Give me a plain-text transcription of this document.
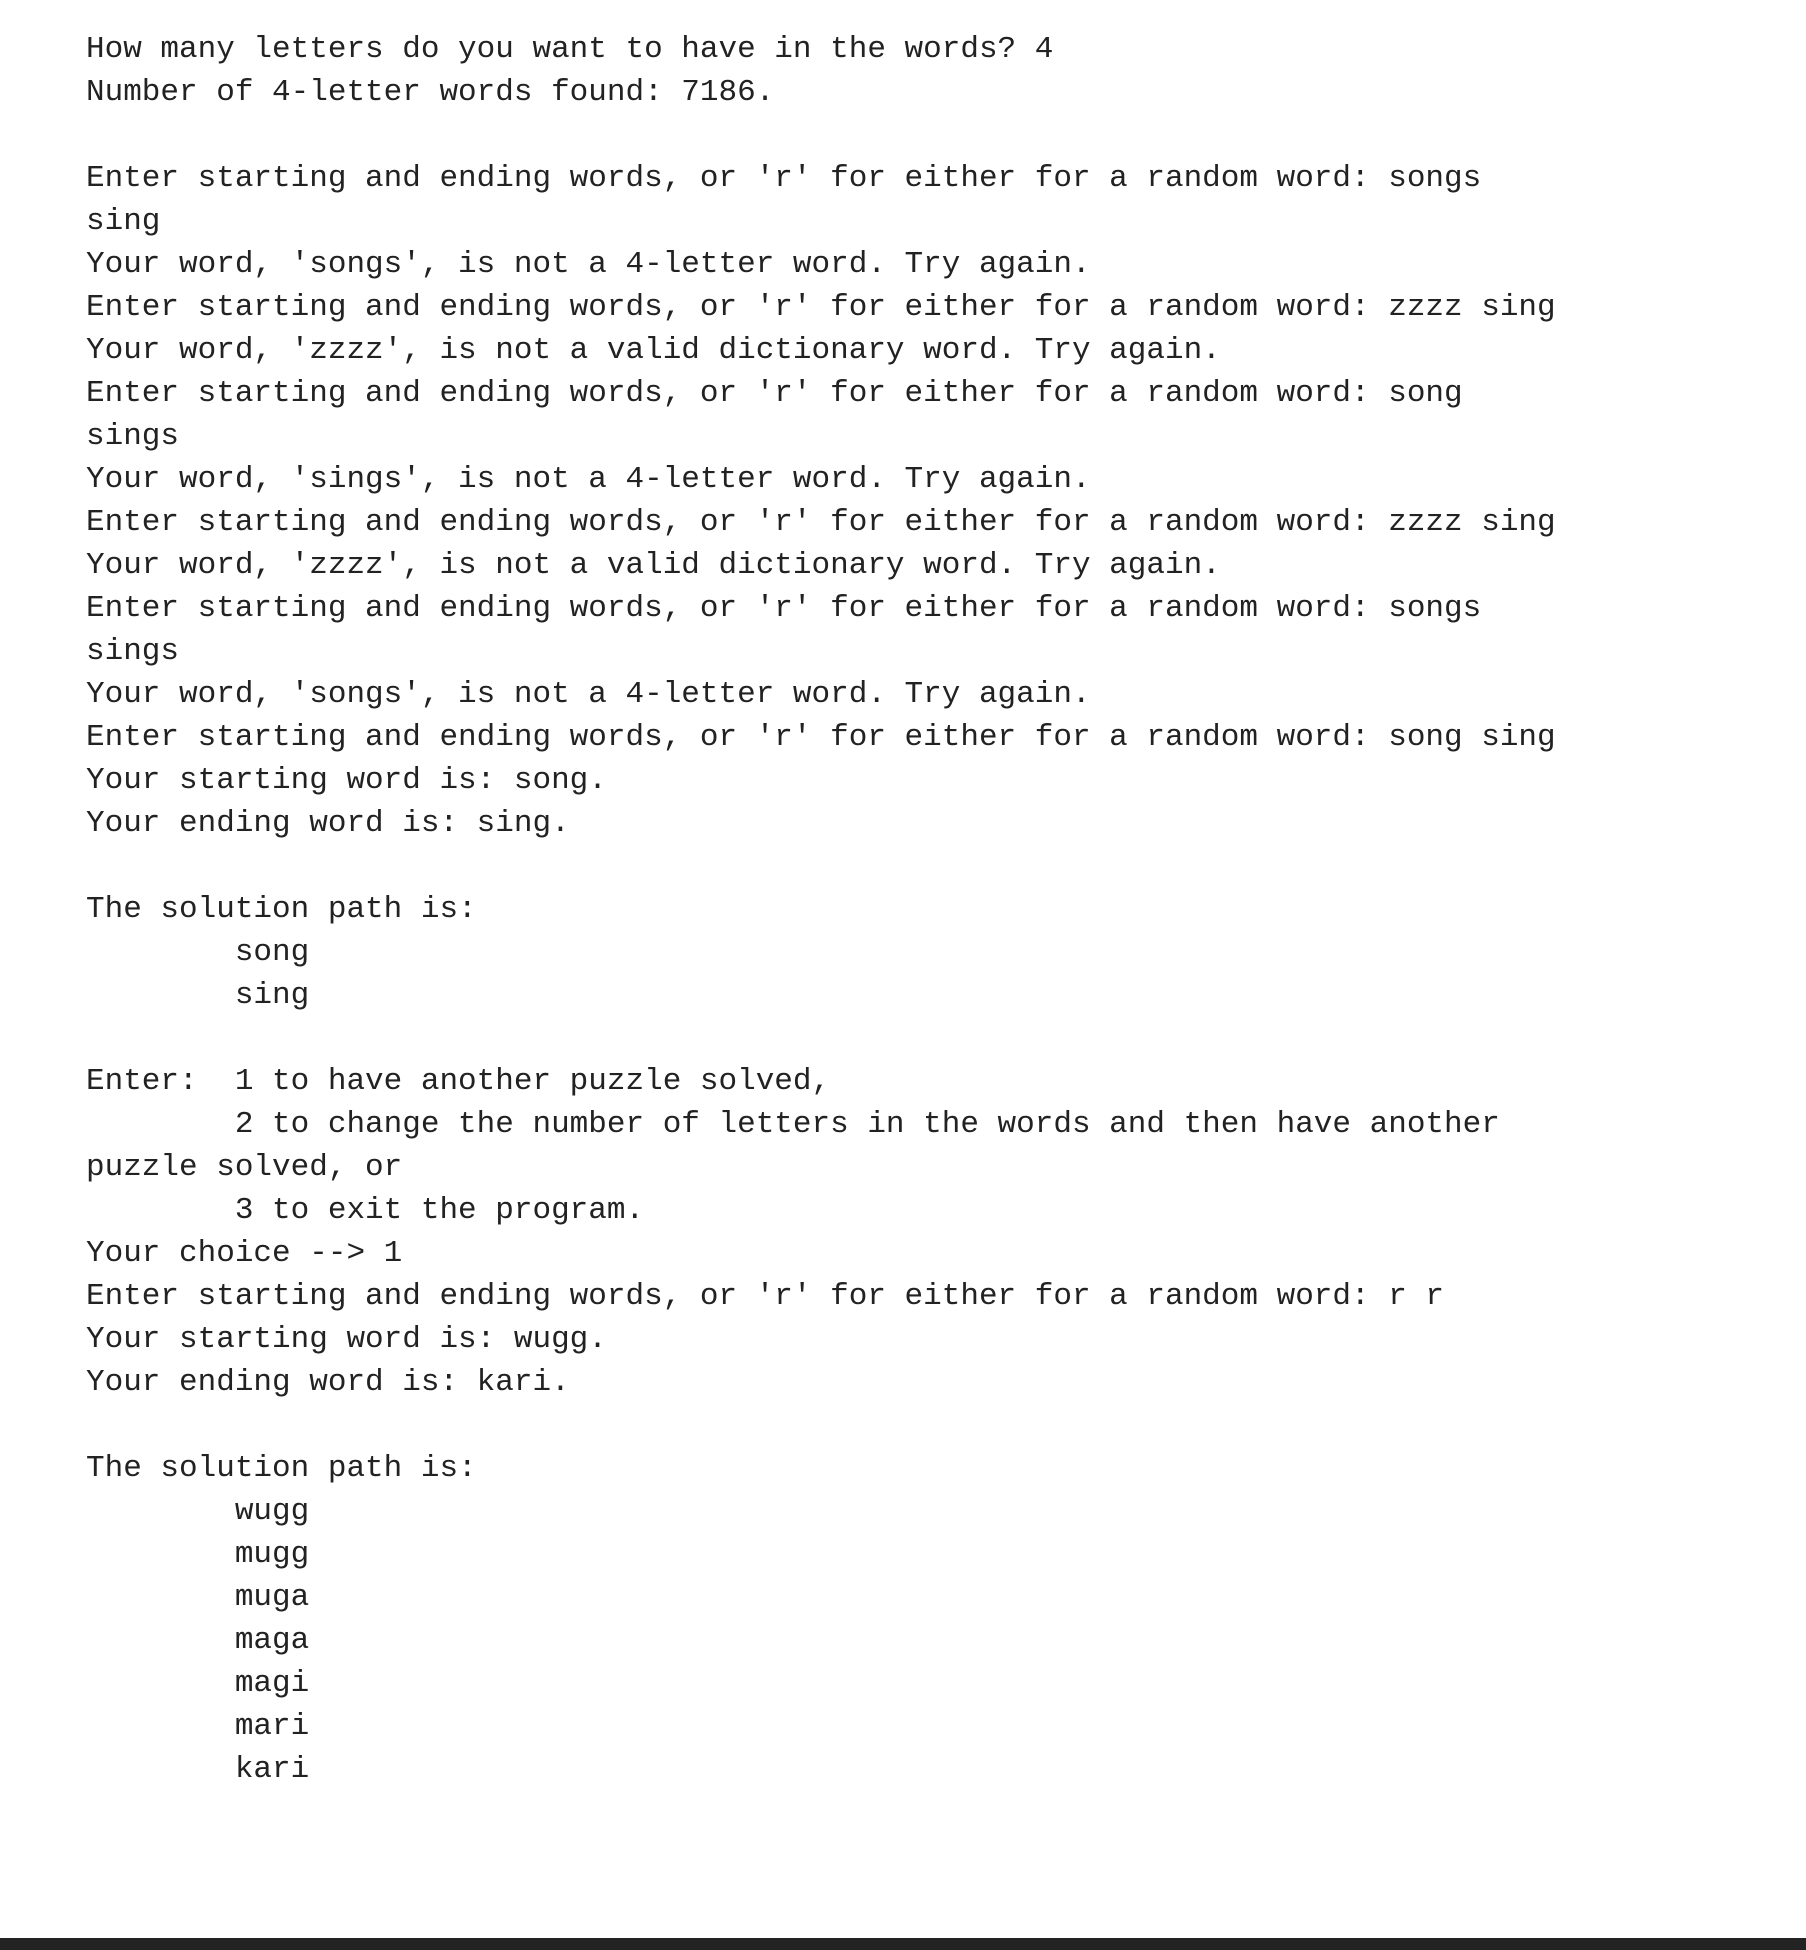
How many letters do you want to have in the words? 4
Number of 4-letter words found: 7186.
Enter starting and ending words, or 'r' for either for a random word: songs
sing
Your word, 'songs', is not a 4-letter word. Try again.
Enter starting and ending words, or 'r' for either for a random word: zzzz sing
Your word, 'zzzz', is not a valid dictionary word. Try again.
Enter starting and ending words, or 'r' for either for a random word: song
sings
Your word, 'sings', is not a 4-letter word. Try again.
Enter starting and ending words, or 'r' for either for a random word: zzzz sing
Your word, 'zzzz', is not a valid dictionary word. Try again.
Enter starting and ending words, or 'r' for either for a random word: songs
sings
Your word, 'songs', is not a 4-letter word. Try again.
Enter starting and ending words, or 'r' for either for a random word: song sing
Your starting word is: song.
Your ending word is: sing.
The solution path is:
song
sing
Enter:  1 to have another puzzle solved,
2 to change the number of letters in the words and then have another
puzzle solved, or
3 to exit the program.
Your choice --> 1
Enter starting and ending words, or 'r' for either for a random word: r r
Your starting word is: wugg.
Your ending word is: kari.
The solution path is:
wugg
mugg
muga
maga
magi
mari
kari
